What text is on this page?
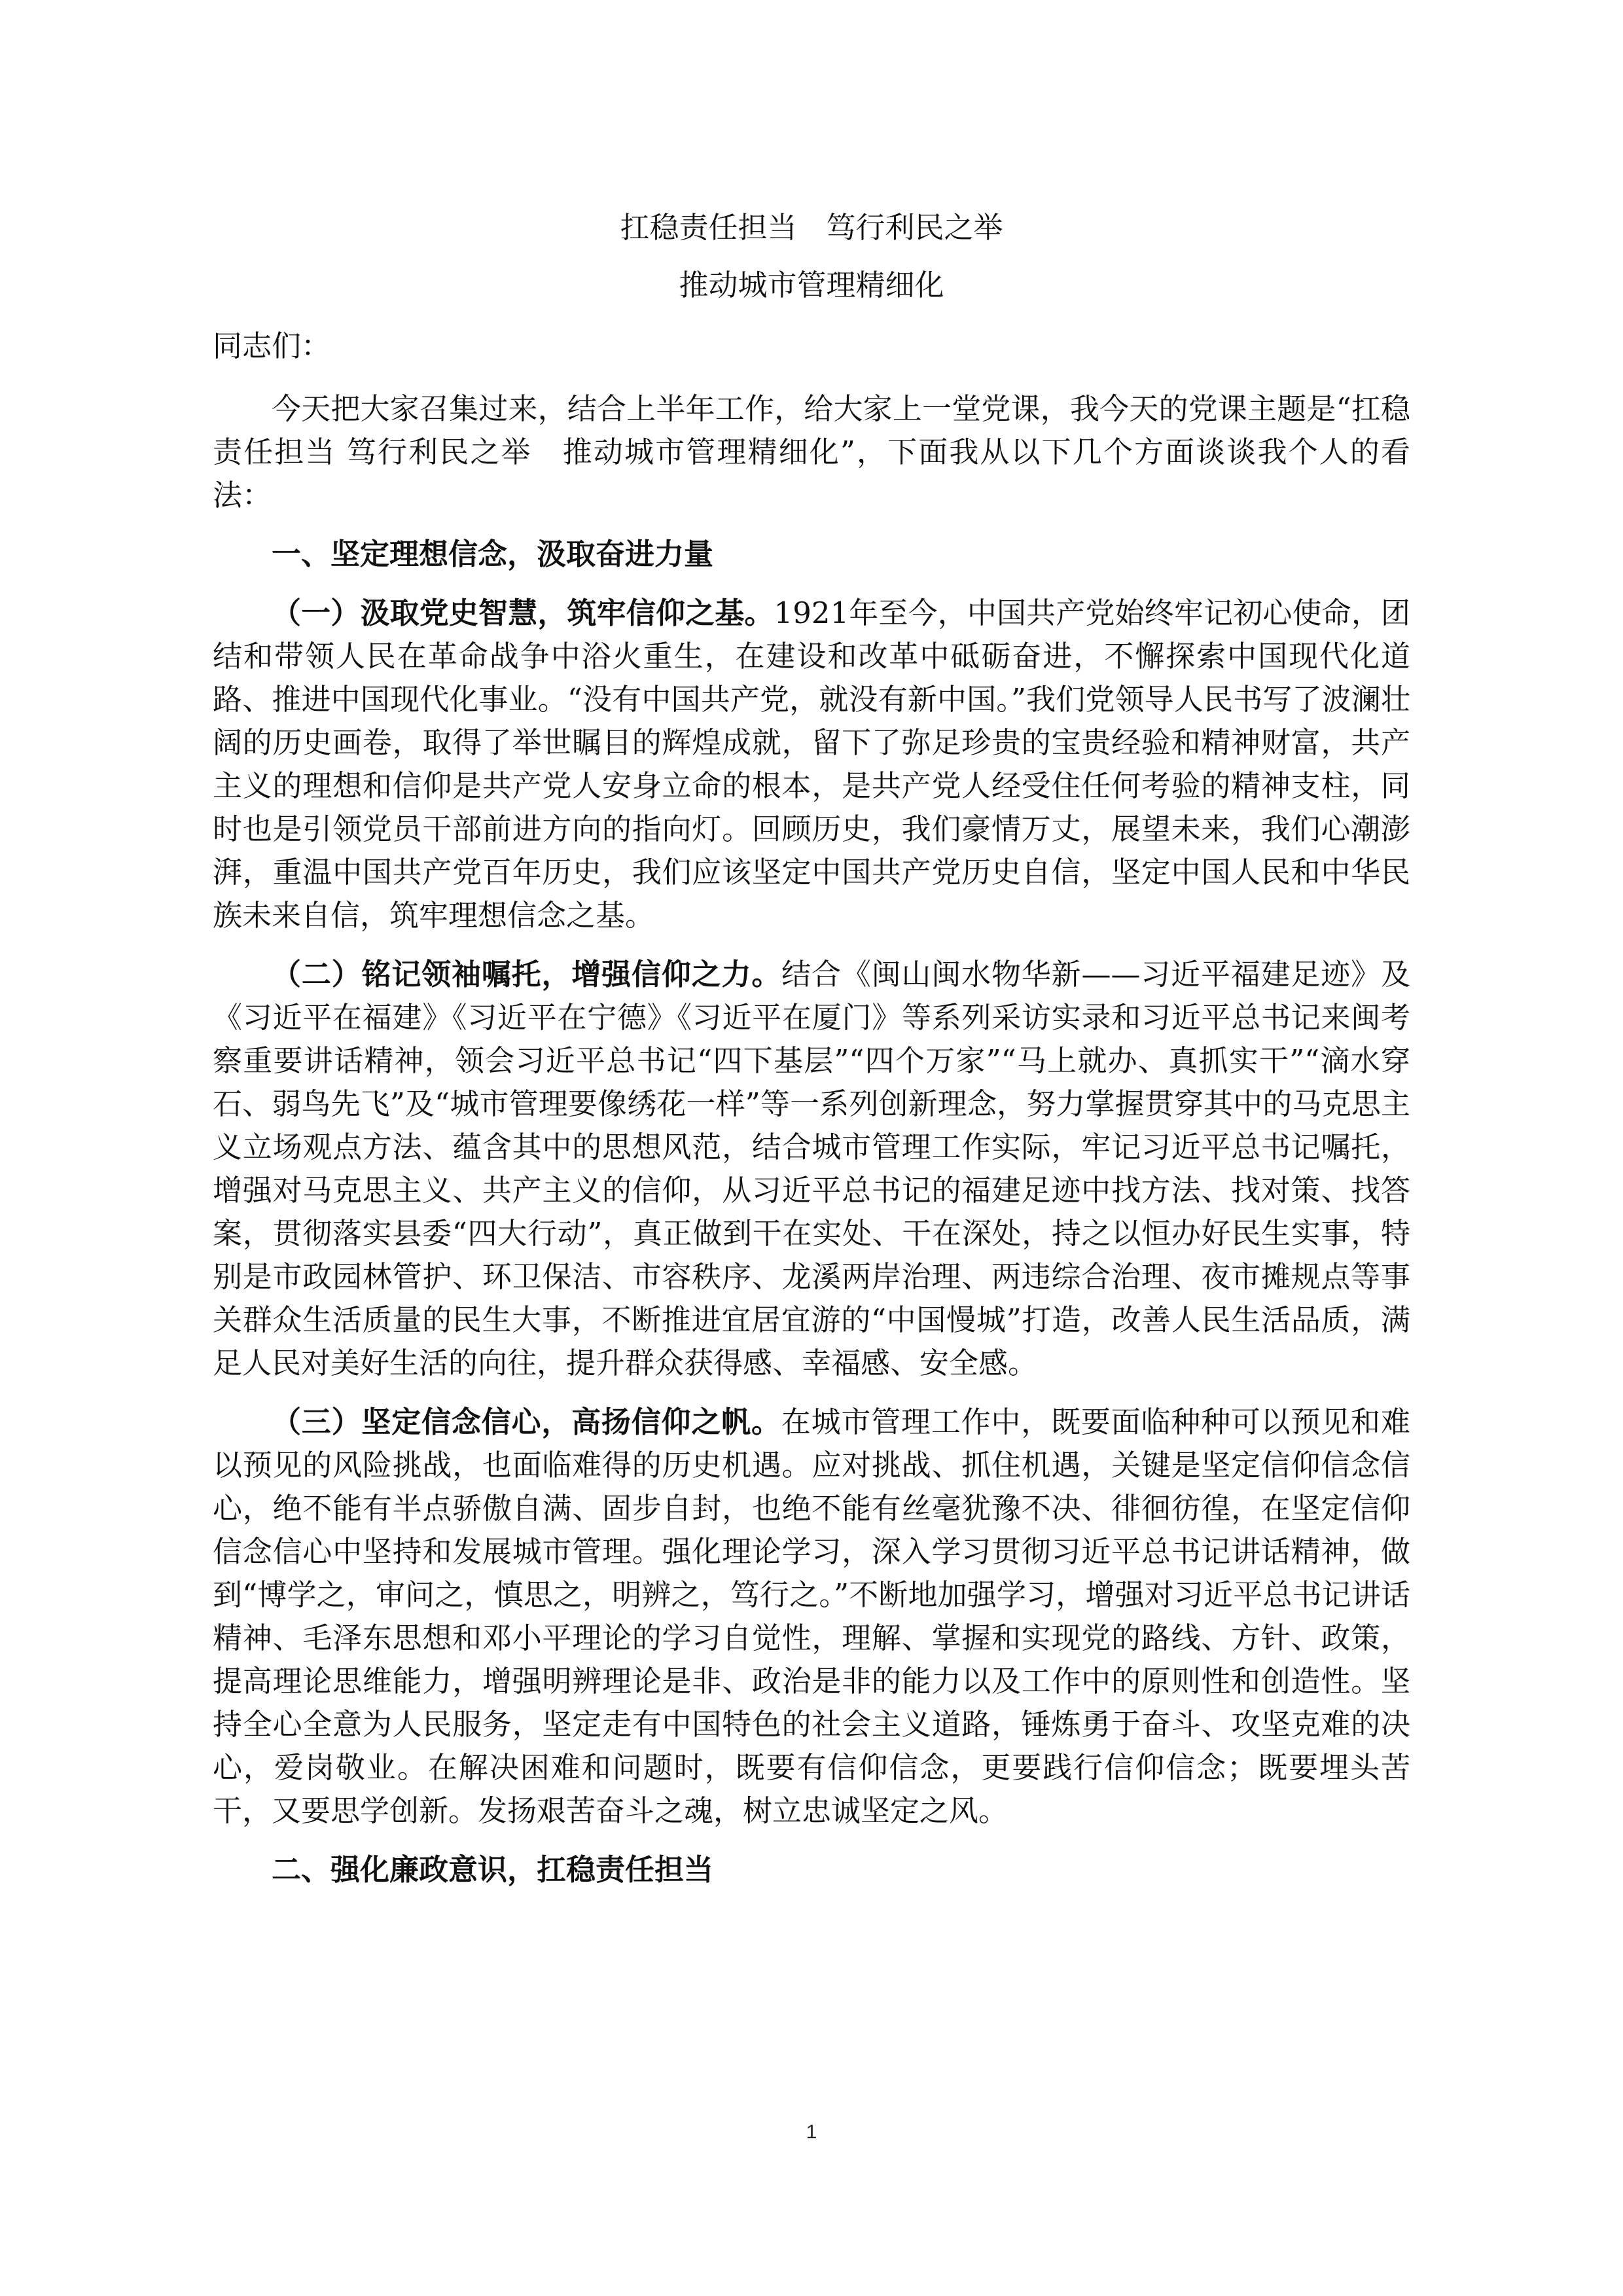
扛稳责任担当　笃行利民之举
推动城市管理精细化

同志们：

今天把大家召集过来，结合上半年工作，给大家上一堂党课，我今天的党课主题是“扛稳责任担当 笃行利民之举　推动城市管理精细化”，下面我从以下几个方面谈谈我个人的看法：

一、坚定理想信念，汲取奋进力量

（一）汲取党史智慧，筑牢信仰之基。1921年至今，中国共产党始终牢记初心使命，团结和带领人民在革命战争中浴火重生，在建设和改革中砥砺奋进，不懈探索中国现代化道路、推进中国现代化事业。“没有中国共产党，就没有新中国。”我们党领导人民书写了波澜壮阔的历史画卷，取得了举世瞩目的辉煌成就，留下了弥足珍贵的宝贵经验和精神财富，共产主义的理想和信仰是共产党人安身立命的根本，是共产党人经受住任何考验的精神支柱，同时也是引领党员干部前进方向的指向灯。回顾历史，我们豪情万丈，展望未来，我们心潮澎湃，重温中国共产党百年历史，我们应该坚定中国共产党历史自信，坚定中国人民和中华民族未来自信，筑牢理想信念之基。

（二）铭记领袖嘱托，增强信仰之力。结合《闽山闽水物华新——习近平福建足迹》及《习近平在福建》《习近平在宁德》《习近平在厦门》等系列采访实录和习近平总书记来闽考察重要讲话精神，领会习近平总书记“四下基层”“四个万家”“马上就办、真抓实干”“滴水穿石、弱鸟先飞”及“城市管理要像绣花一样”等一系列创新理念，努力掌握贯穿其中的马克思主义立场观点方法、蕴含其中的思想风范，结合城市管理工作实际，牢记习近平总书记嘱托，增强对马克思主义、共产主义的信仰，从习近平总书记的福建足迹中找方法、找对策、找答案，贯彻落实县委“四大行动”，真正做到干在实处、干在深处，持之以恒办好民生实事，特别是市政园林管护、环卫保洁、市容秩序、龙溪两岸治理、两违综合治理、夜市摊规点等事关群众生活质量的民生大事，不断推进宜居宜游的“中国慢城”打造，改善人民生活品质，满足人民对美好生活的向往，提升群众获得感、幸福感、安全感。

（三）坚定信念信心，高扬信仰之帆。在城市管理工作中，既要面临种种可以预见和难以预见的风险挑战，也面临难得的历史机遇。应对挑战、抓住机遇，关键是坚定信仰信念信心，绝不能有半点骄傲自满、固步自封，也绝不能有丝毫犹豫不决、徘徊彷徨，在坚定信仰信念信心中坚持和发展城市管理。强化理论学习，深入学习贯彻习近平总书记讲话精神，做到“博学之，审问之，慎思之，明辨之，笃行之。”不断地加强学习，增强对习近平总书记讲话精神、毛泽东思想和邓小平理论的学习自觉性，理解、掌握和实现党的路线、方针、政策，提高理论思维能力，增强明辨理论是非、政治是非的能力以及工作中的原则性和创造性。坚持全心全意为人民服务，坚定走有中国特色的社会主义道路，锤炼勇于奋斗、攻坚克难的决心，爱岗敬业。在解决困难和问题时，既要有信仰信念，更要践行信仰信念；既要埋头苦干，又要思学创新。发扬艰苦奋斗之魂，树立忠诚坚定之风。

二、强化廉政意识，扛稳责任担当

1
